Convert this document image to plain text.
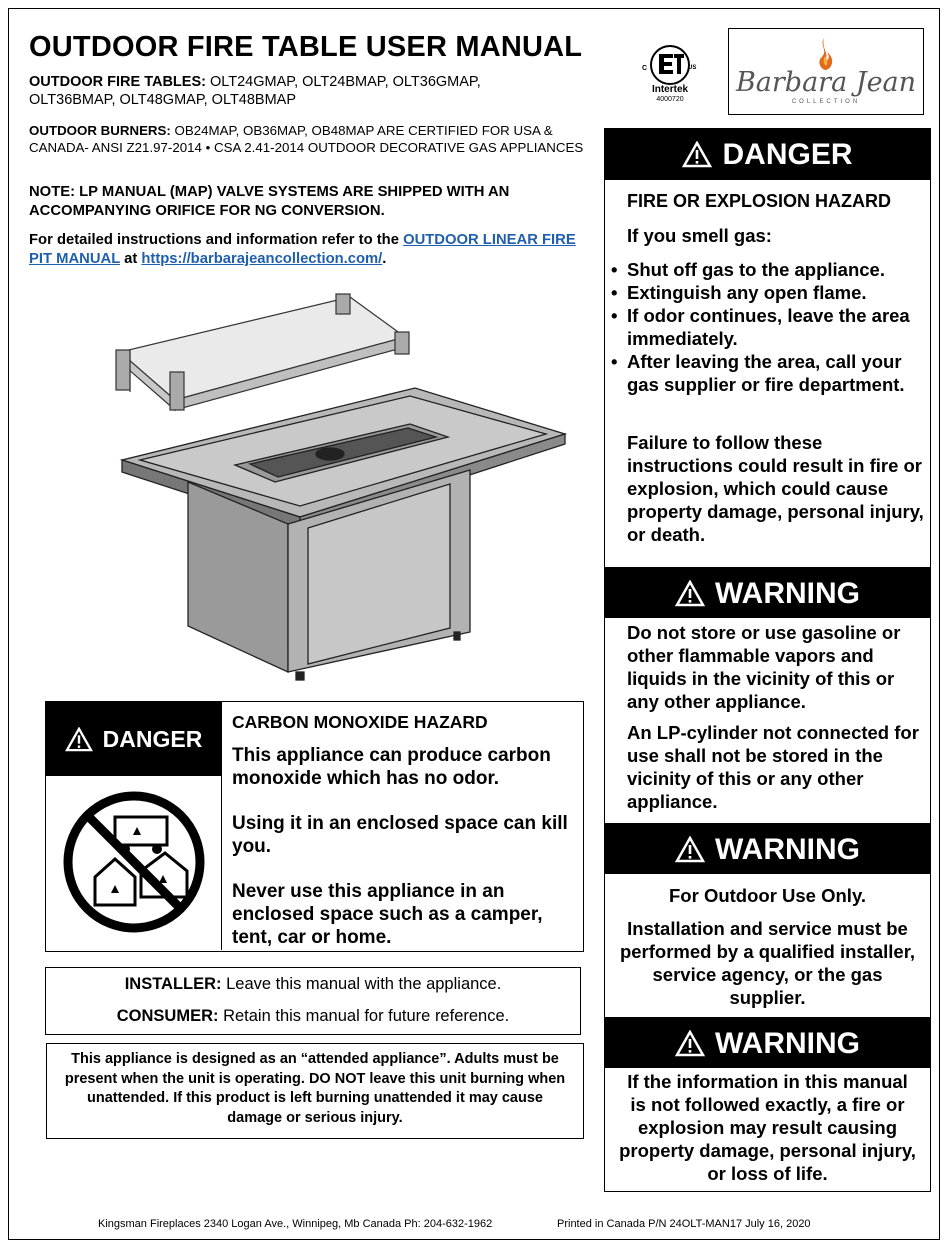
OUTDOOR FIRE TABLE USER MANUAL
OUTDOOR FIRE TABLES: OLT24GMAP, OLT24BMAP, OLT36GMAP,
OLT36BMAP, OLT48GMAP, OLT48BMAP
OUTDOOR BURNERS: OB24MAP, OB36MAP, OB48MAP ARE CERTIFIED FOR USA & CANADA- ANSI Z21.97-2014 • CSA 2.41-2014 OUTDOOR DECORATIVE GAS APPLIANCES
NOTE: LP MANUAL (MAP) VALVE SYSTEMS ARE SHIPPED WITH AN ACCOMPANYING ORIFICE FOR NG CONVERSION.
For detailed instructions and information refer to the OUTDOOR LINEAR FIRE PIT MANUAL at https://barbarajeancollection.com/.
C	US
Intertek
4000720
Barbara Jean
COLLECTION
DANGER
FIRE OR EXPLOSION HAZARD
If you smell gas:
• Shut off gas to the appliance.
• Extinguish any open flame.
• If odor continues, leave the area immediately.
• After leaving the area, call your gas supplier or fire department.
Failure to follow these instructions could result in fire or explosion, which could cause property damage, personal injury, or death.
WARNING
Do not store or use gasoline or other flammable vapors and liquids in the vicinity of this or any other appliance.
An LP-cylinder not connected for use shall not be stored in the vicinity of this or any other appliance.
WARNING
For Outdoor Use Only.
Installation and service must be performed by a qualified installer, service agency, or the gas supplier.
WARNING
If the information in this manual is not followed exactly, a fire or explosion may result causing property damage, personal injury, or loss of life.
DANGER
CARBON MONOXIDE HAZARD
This appliance can produce carbon monoxide which has no odor.
Using it in an enclosed space can kill you.
Never use this appliance in an enclosed space such as a camper, tent, car or home.
INSTALLER: Leave this manual with the appliance.
CONSUMER: Retain this manual for future reference.
This appliance is designed as an “attended appliance”. Adults must be present when the unit is operating. DO NOT leave this unit burning when unattended. If this product is left burning unattended it may cause damage or serious injury.
Kingsman Fireplaces 2340 Logan Ave., Winnipeg, Mb Canada Ph: 204-632-1962	Printed in Canada P/N 24OLT-MAN17 July 16, 2020
